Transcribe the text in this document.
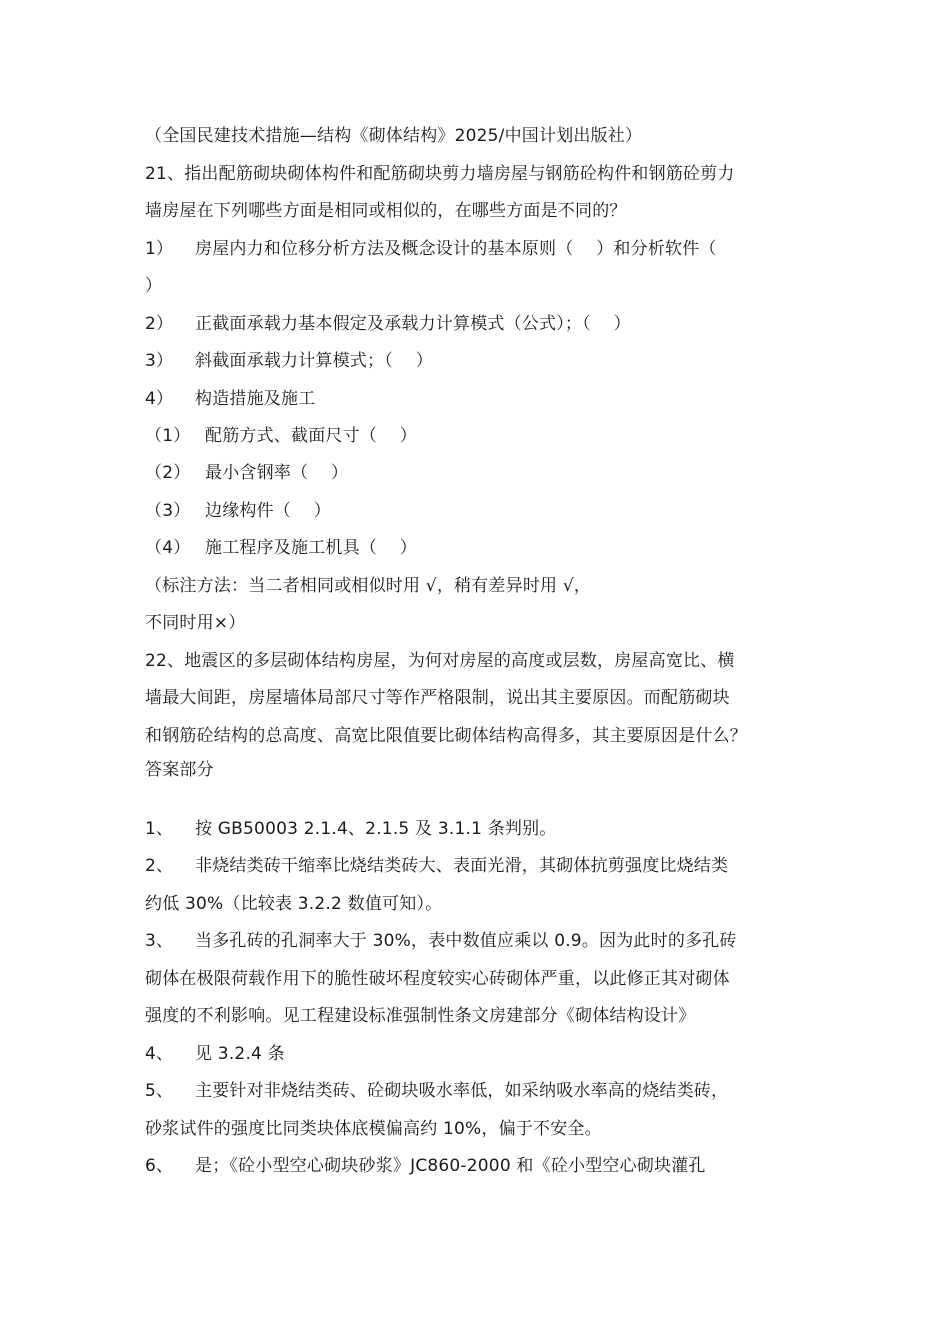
（全国民建技术措施—结构《砌体结构》2025/中国计划出版社）
21、指出配筋砌块砌体构件和配筋砌块剪力墙房屋与钢筋砼构件和钢筋砼剪力
墙房屋在下列哪些方面是相同或相似的，在哪些方面是不同的？
1） 房屋内力和位移分析方法及概念设计的基本原则（　 ）和分析软件（
）
2） 正截面承载力基本假定及承载力计算模式（公式）；（　 ）
3） 斜截面承载力计算模式；（　 ）
4） 构造措施及施工
（1） 配筋方式、截面尺寸（　 ）
（2） 最小含钢率（　 ）
（3） 边缘构件（　 ）
（4） 施工程序及施工机具（　 ）
（标注方法：当二者相同或相似时用 √，稍有差异时用 √，
不同时用×）
22、地震区的多层砌体结构房屋，为何对房屋的高度或层数，房屋高宽比、横
墙最大间距，房屋墙体局部尺寸等作严格限制，说出其主要原因。而配筋砌块
和钢筋砼结构的总高度、高宽比限值要比砌体结构高得多，其主要原因是什么？
答案部分
1、 按 GB50003 2.1.4、2.1.5 及 3.1.1 条判别。
2、 非烧结类砖干缩率比烧结类砖大、表面光滑，其砌体抗剪强度比烧结类
约低 30%（比较表 3.2.2 数值可知）。
3、 当多孔砖的孔洞率大于 30%，表中数值应乘以 0.9。因为此时的多孔砖
砌体在极限荷载作用下的脆性破坏程度较实心砖砌体严重，以此修正其对砌体
强度的不利影响。见工程建设标准强制性条文房建部分《砌体结构设计》
4、 见 3.2.4 条
5、 主要针对非烧结类砖、砼砌块吸水率低，如采纳吸水率高的烧结类砖，
砂浆试件的强度比同类块体底模偏高约 10%，偏于不安全。
6、 是；《砼小型空心砌块砂浆》JC860-2000 和《砼小型空心砌块灌孔
